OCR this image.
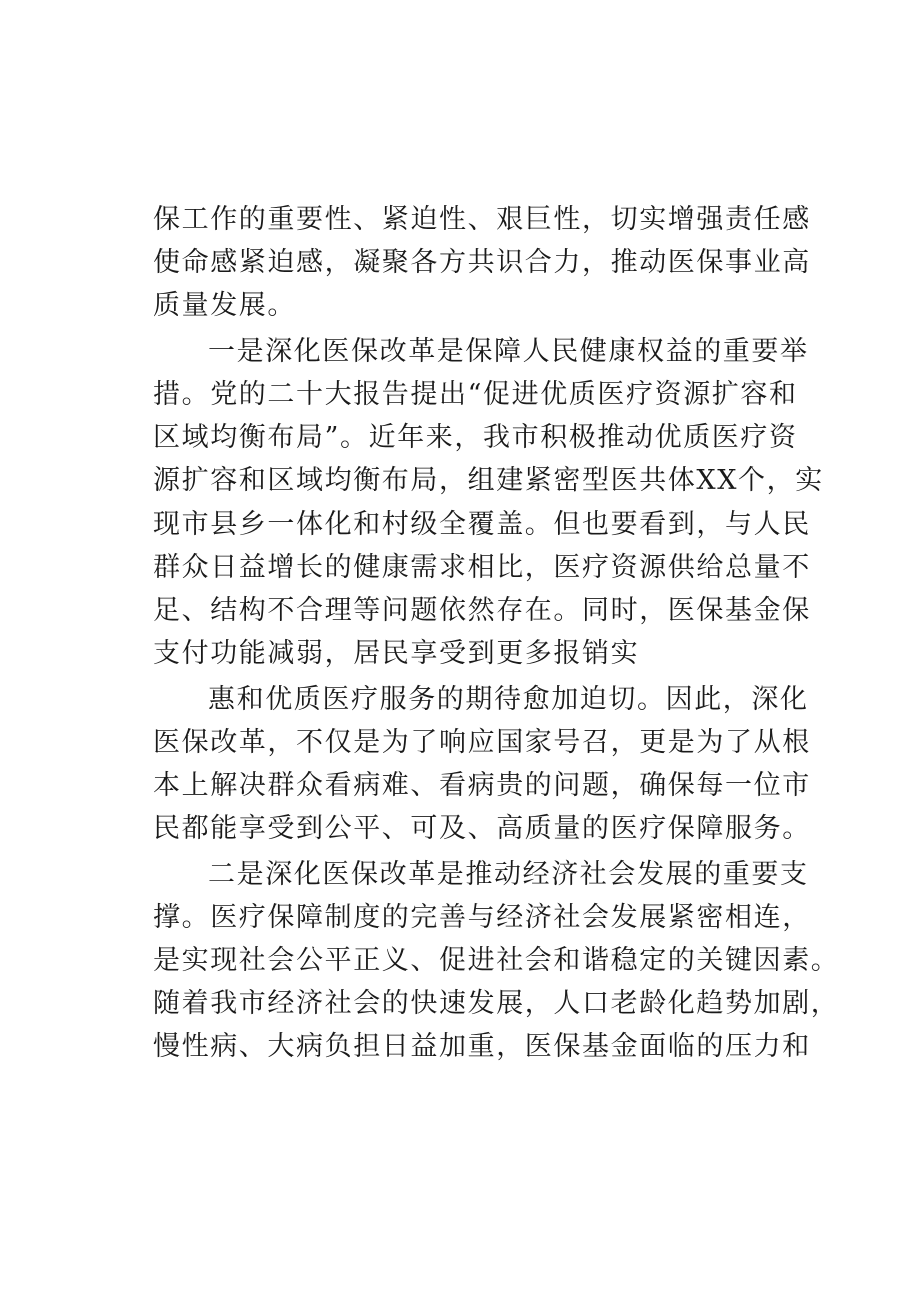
保工作的重要性、紧迫性、艰巨性，切实增强责任感
使命感紧迫感，凝聚各方共识合力，推动医保事业高
质量发展。
一是深化医保改革是保障人民健康权益的重要举
措。党的二十大报告提出“促进优质医疗资源扩容和
区域均衡布局”。近年来，我市积极推动优质医疗资
源扩容和区域均衡布局，组建紧密型医共体XX个，实
现市县乡一体化和村级全覆盖。但也要看到，与人民
群众日益增长的健康需求相比，医疗资源供给总量不
足、结构不合理等问题依然存在。同时，医保基金保
支付功能减弱，居民享受到更多报销实
惠和优质医疗服务的期待愈加迫切。因此，深化
医保改革，不仅是为了响应国家号召，更是为了从根
本上解决群众看病难、看病贵的问题，确保每一位市
民都能享受到公平、可及、高质量的医疗保障服务。
二是深化医保改革是推动经济社会发展的重要支
撑。医疗保障制度的完善与经济社会发展紧密相连，
是实现社会公平正义、促进社会和谐稳定的关键因素。
随着我市经济社会的快速发展，人口老龄化趋势加剧，
慢性病、大病负担日益加重，医保基金面临的压力和
